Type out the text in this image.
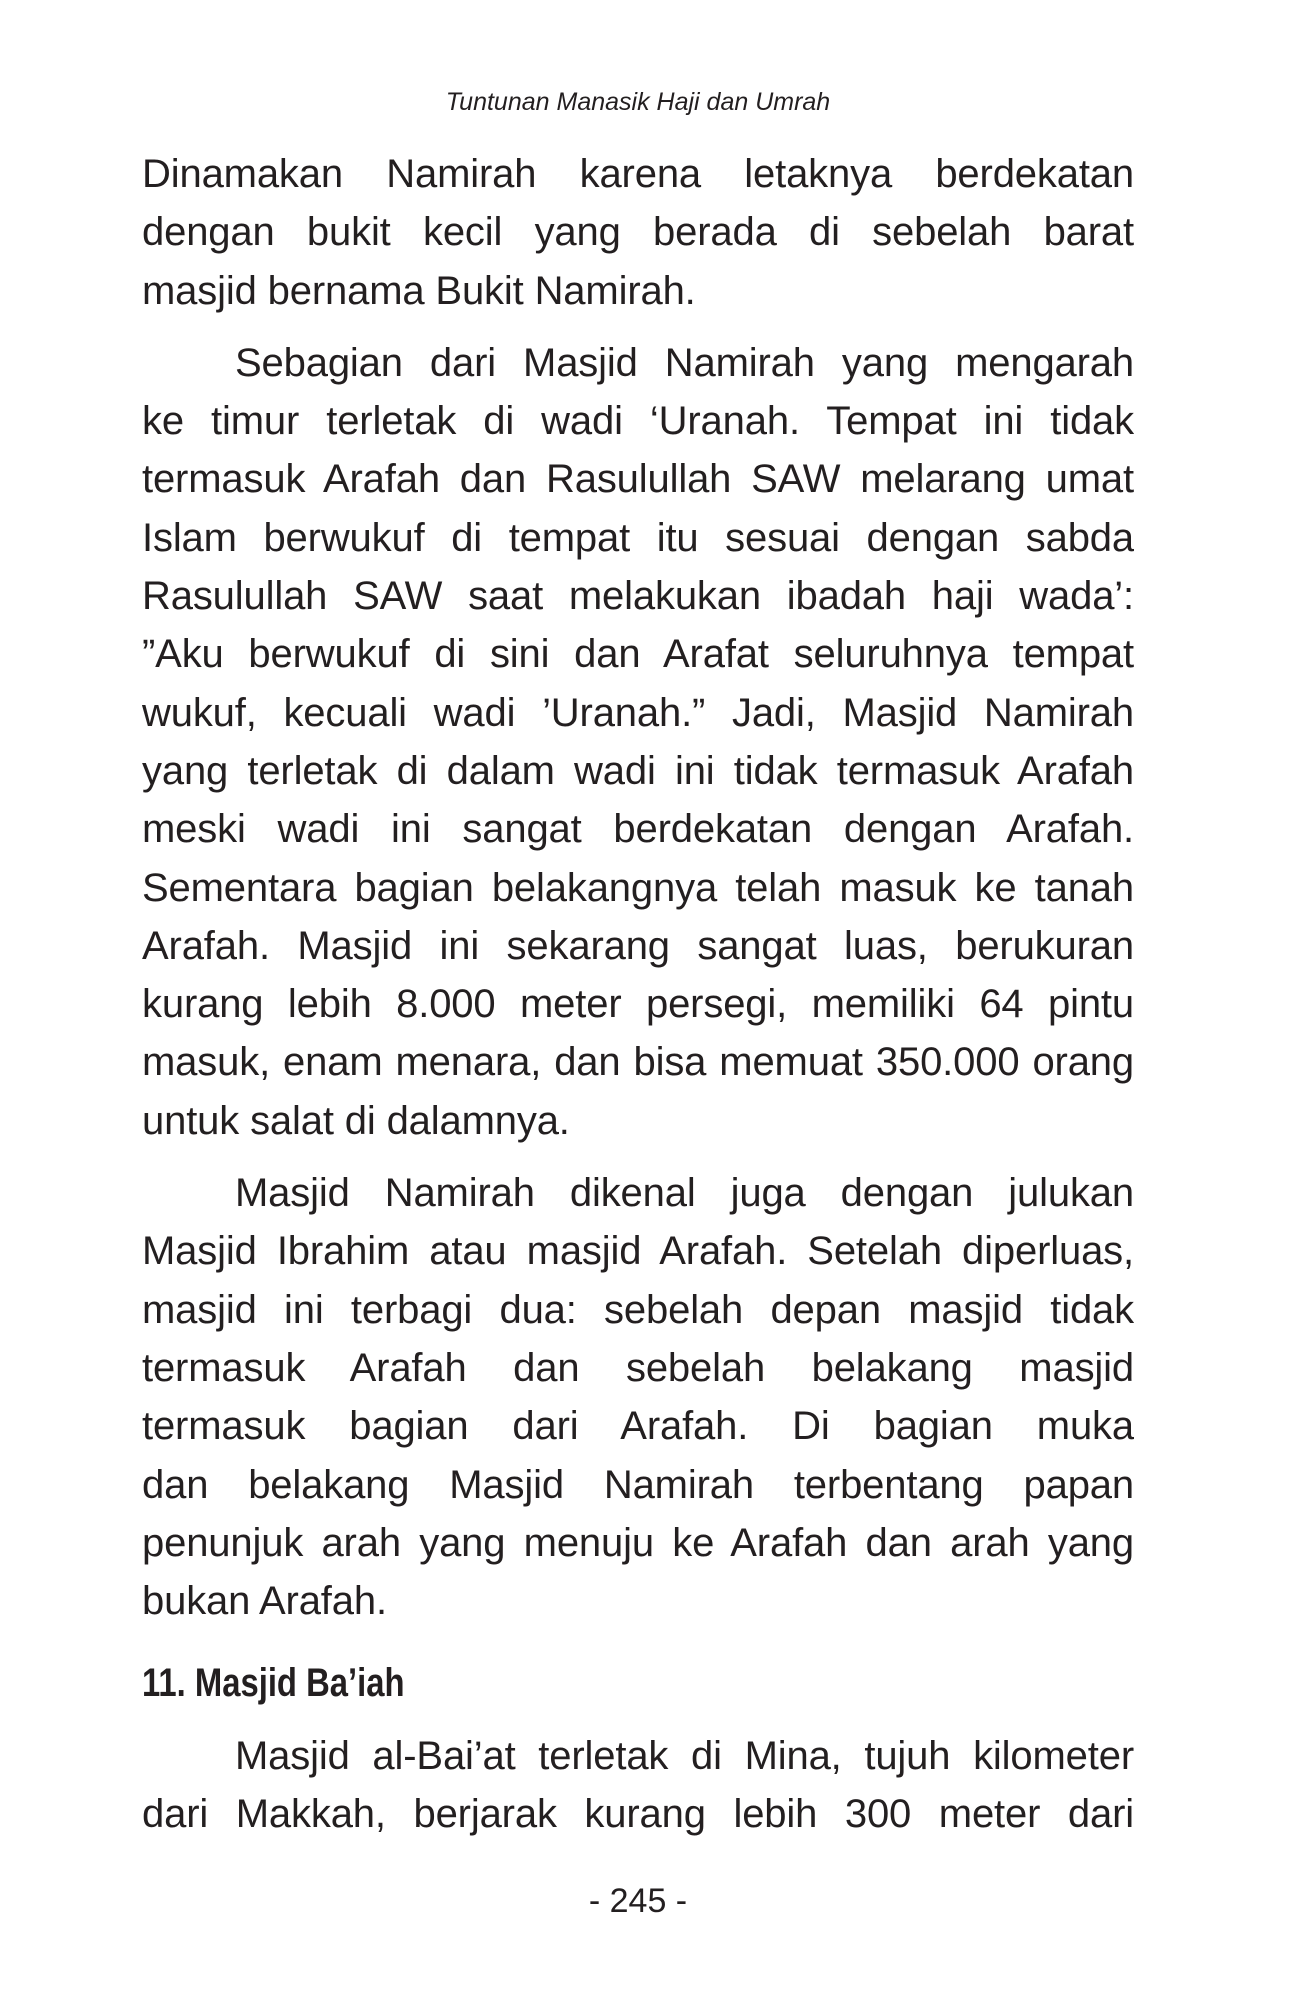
Tuntunan Manasik Haji dan Umrah
Dinamakan Namirah karena letaknya berdekatan
dengan bukit kecil yang berada di sebelah barat
masjid bernama Bukit Namirah.
Sebagian dari Masjid Namirah yang mengarah
ke timur terletak di wadi ‘Uranah. Tempat ini tidak
termasuk Arafah dan Rasulullah SAW melarang umat
Islam berwukuf di tempat itu sesuai dengan sabda
Rasulullah SAW saat melakukan ibadah haji wada’:
”Aku berwukuf di sini dan Arafat seluruhnya tempat
wukuf, kecuali wadi ’Uranah.” Jadi, Masjid Namirah
yang terletak di dalam wadi ini tidak termasuk Arafah
meski wadi ini sangat berdekatan dengan Arafah.
Sementara bagian belakangnya telah masuk ke tanah
Arafah. Masjid ini sekarang sangat luas, berukuran
kurang lebih 8.000 meter persegi, memiliki 64 pintu
masuk, enam menara, dan bisa memuat 350.000 orang
untuk salat di dalamnya.
Masjid Namirah dikenal juga dengan julukan
Masjid Ibrahim atau masjid Arafah. Setelah diperluas,
masjid ini terbagi dua: sebelah depan masjid tidak
termasuk Arafah dan sebelah belakang masjid
termasuk bagian dari Arafah. Di bagian muka
dan belakang Masjid Namirah terbentang papan
penunjuk arah yang menuju ke Arafah dan arah yang
bukan Arafah.
11. Masjid Ba’iah
Masjid al-Bai’at terletak di Mina, tujuh kilometer
dari Makkah, berjarak kurang lebih 300 meter dari
- 245 -
